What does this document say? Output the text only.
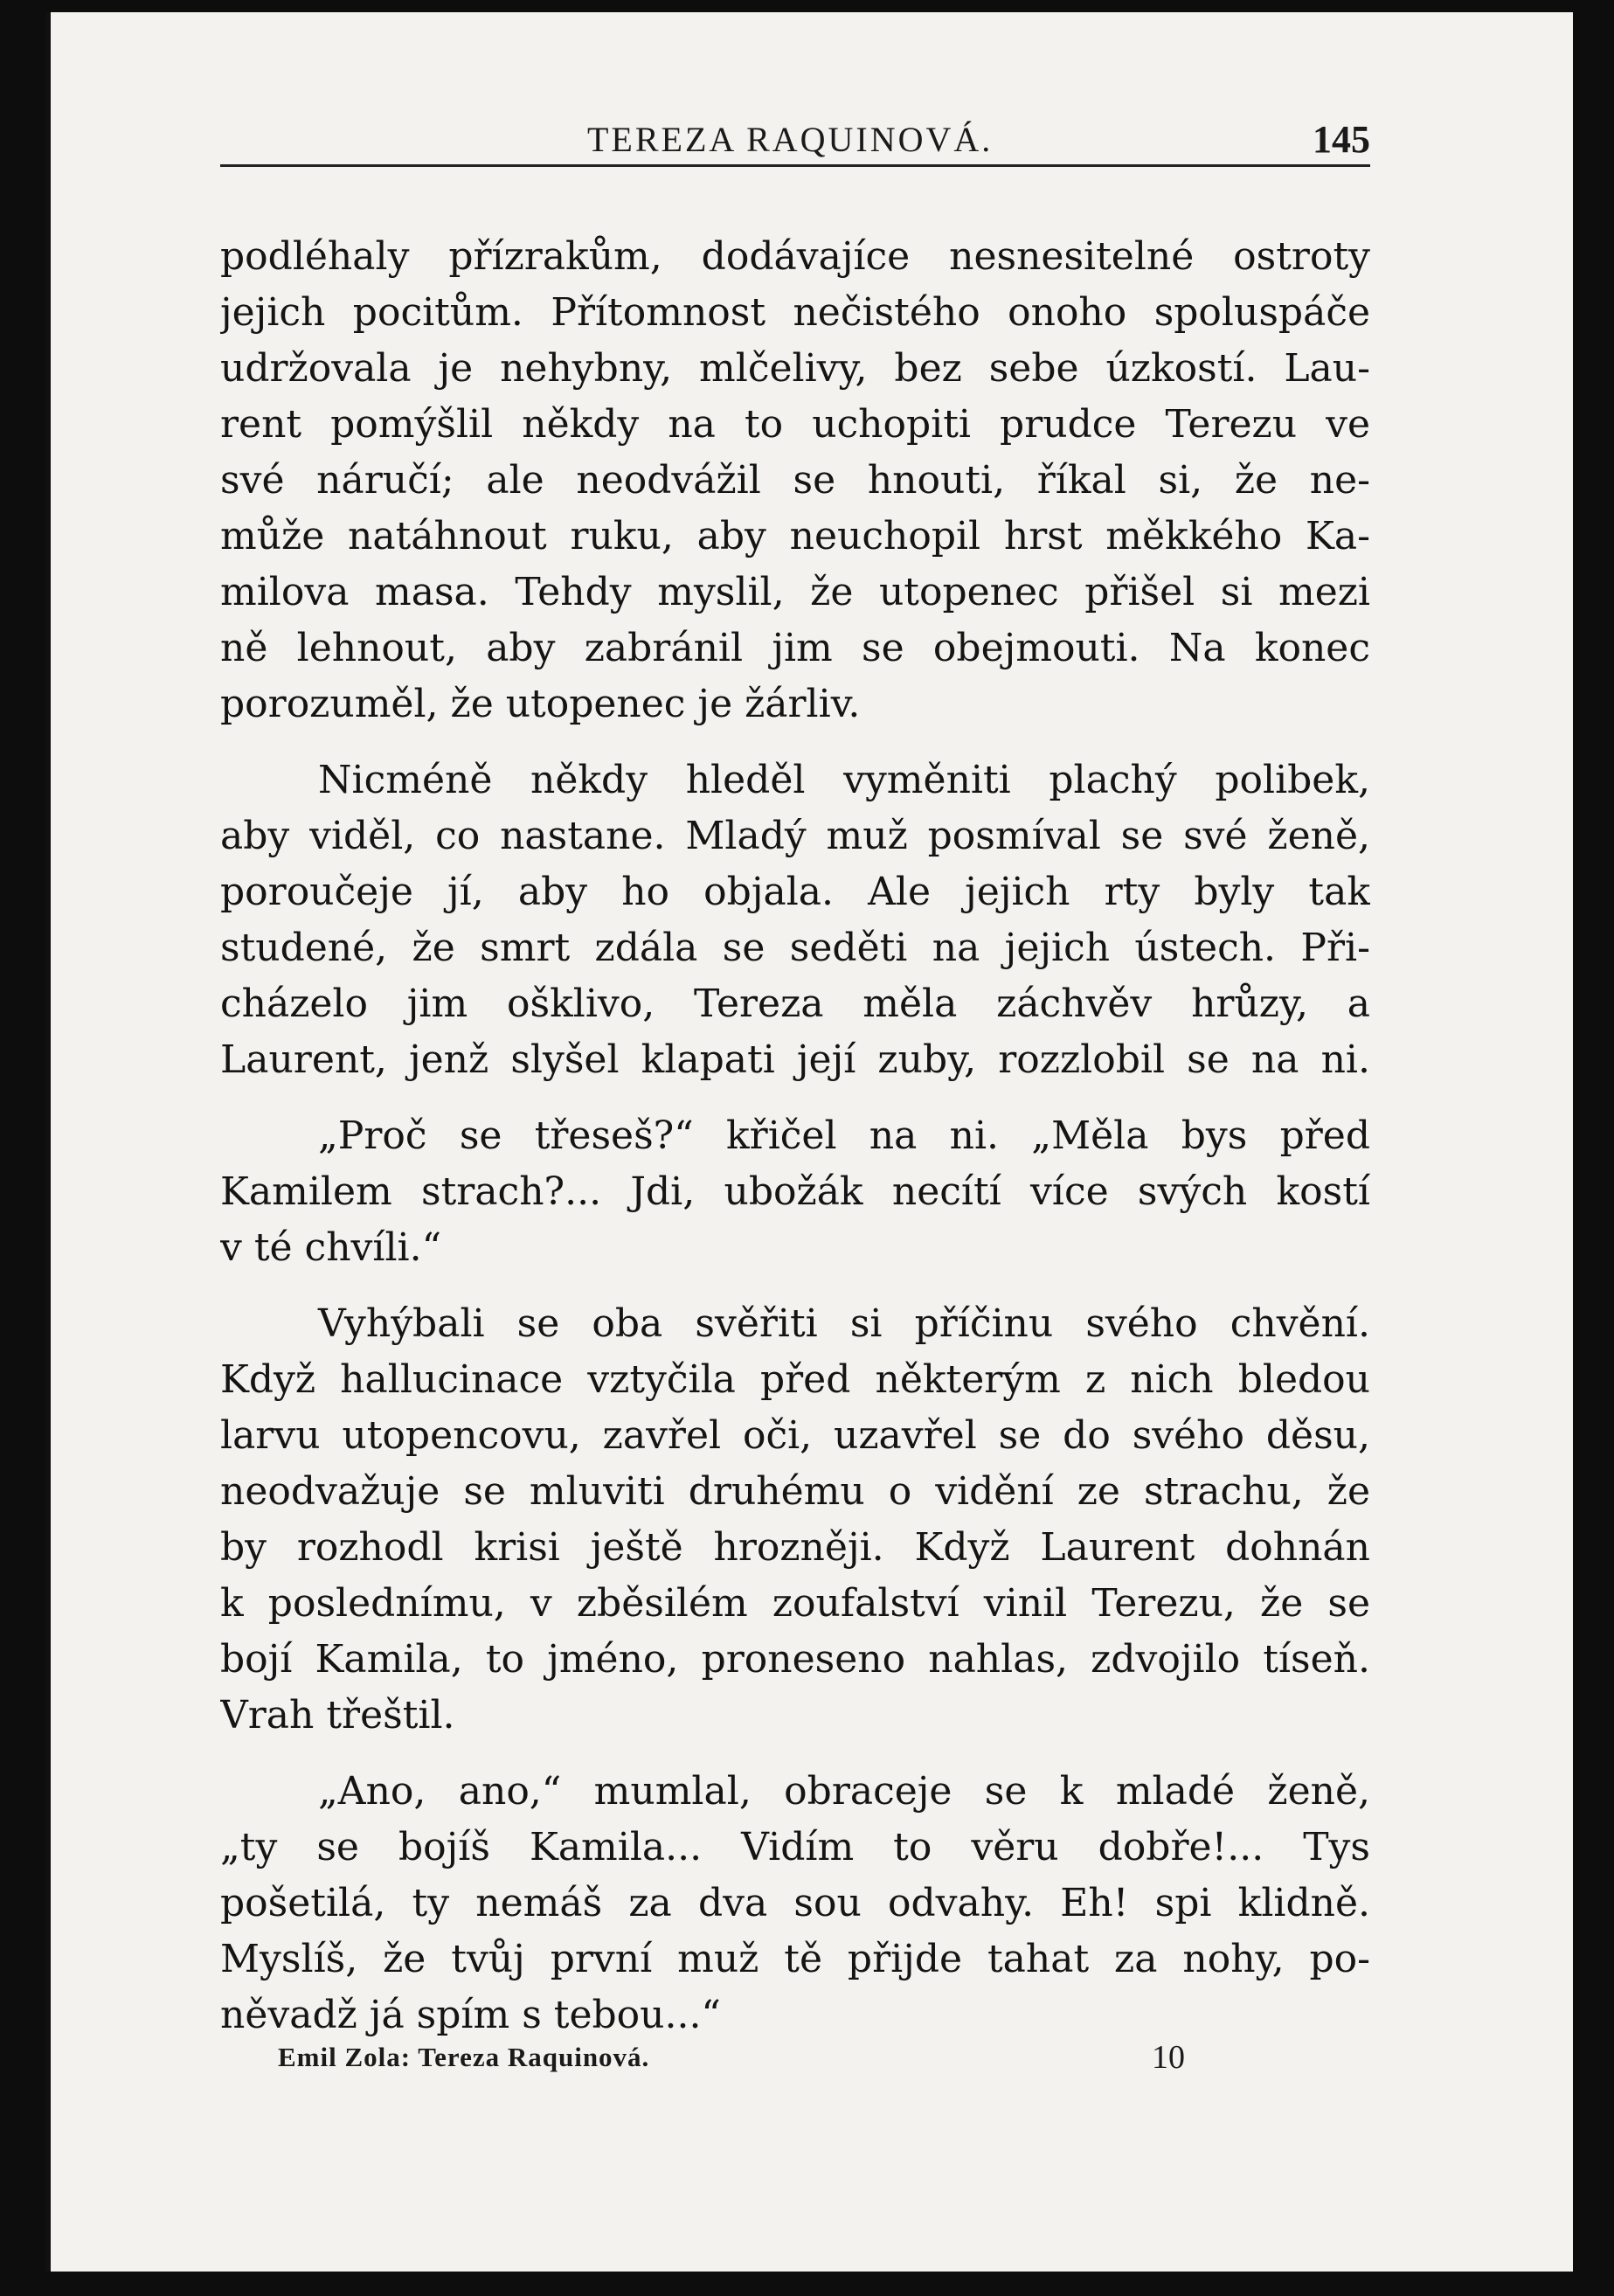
TEREZA RAQUINOVÁ.	145
podléhaly přízrakům, dodávajíce nesnesitelné ostroty
jejich pocitům. Přítomnost nečistého onoho spoluspáče
udržovala je nehybny, mlčelivy, bez sebe úzkostí. Lau-
rent pomýšlil někdy na to uchopiti prudce Terezu ve
své náručí; ale neodvážil se hnouti, říkal si, že ne-
může natáhnout ruku, aby neuchopil hrst měkkého Ka-
milova masa. Tehdy myslil, že utopenec přišel si mezi
ně lehnout, aby zabránil jim se obejmouti. Na konec
porozuměl, že utopenec je žárliv.
Nicméně někdy hleděl vyměniti plachý polibek,
aby viděl, co nastane. Mladý muž posmíval se své ženě,
poroučeje jí, aby ho objala. Ale jejich rty byly tak
studené, že smrt zdála se seděti na jejich ústech. Při-
cházelo jim ošklivo, Tereza měla záchvěv hrůzy, a
Laurent, jenž slyšel klapati její zuby, rozzlobil se na ni.
„Proč se třeseš?“ křičel na ni. „Měla bys před
Kamilem strach?... Jdi, ubožák necítí více svých kostí
v té chvíli.“
Vyhýbali se oba svěřiti si příčinu svého chvění.
Když hallucinace vztyčila před některým z nich bledou
larvu utopencovu, zavřel oči, uzavřel se do svého děsu,
neodvažuje se mluviti druhému o vidění ze strachu, že
by rozhodl krisi ještě hrozněji. Když Laurent dohnán
k poslednímu, v zběsilém zoufalství vinil Terezu, že se
bojí Kamila, to jméno, proneseno nahlas, zdvojilo tíseň.
Vrah třeštil.
„Ano, ano,“ mumlal, obraceje se k mladé ženě,
„ty se bojíš Kamila... Vidím to věru dobře!... Tys
pošetilá, ty nemáš za dva sou odvahy. Eh! spi klidně.
Myslíš, že tvůj první muž tě přijde tahat za nohy, po-
něvadž já spím s tebou...“
Emil Zola: Tereza Raquinová.	10
